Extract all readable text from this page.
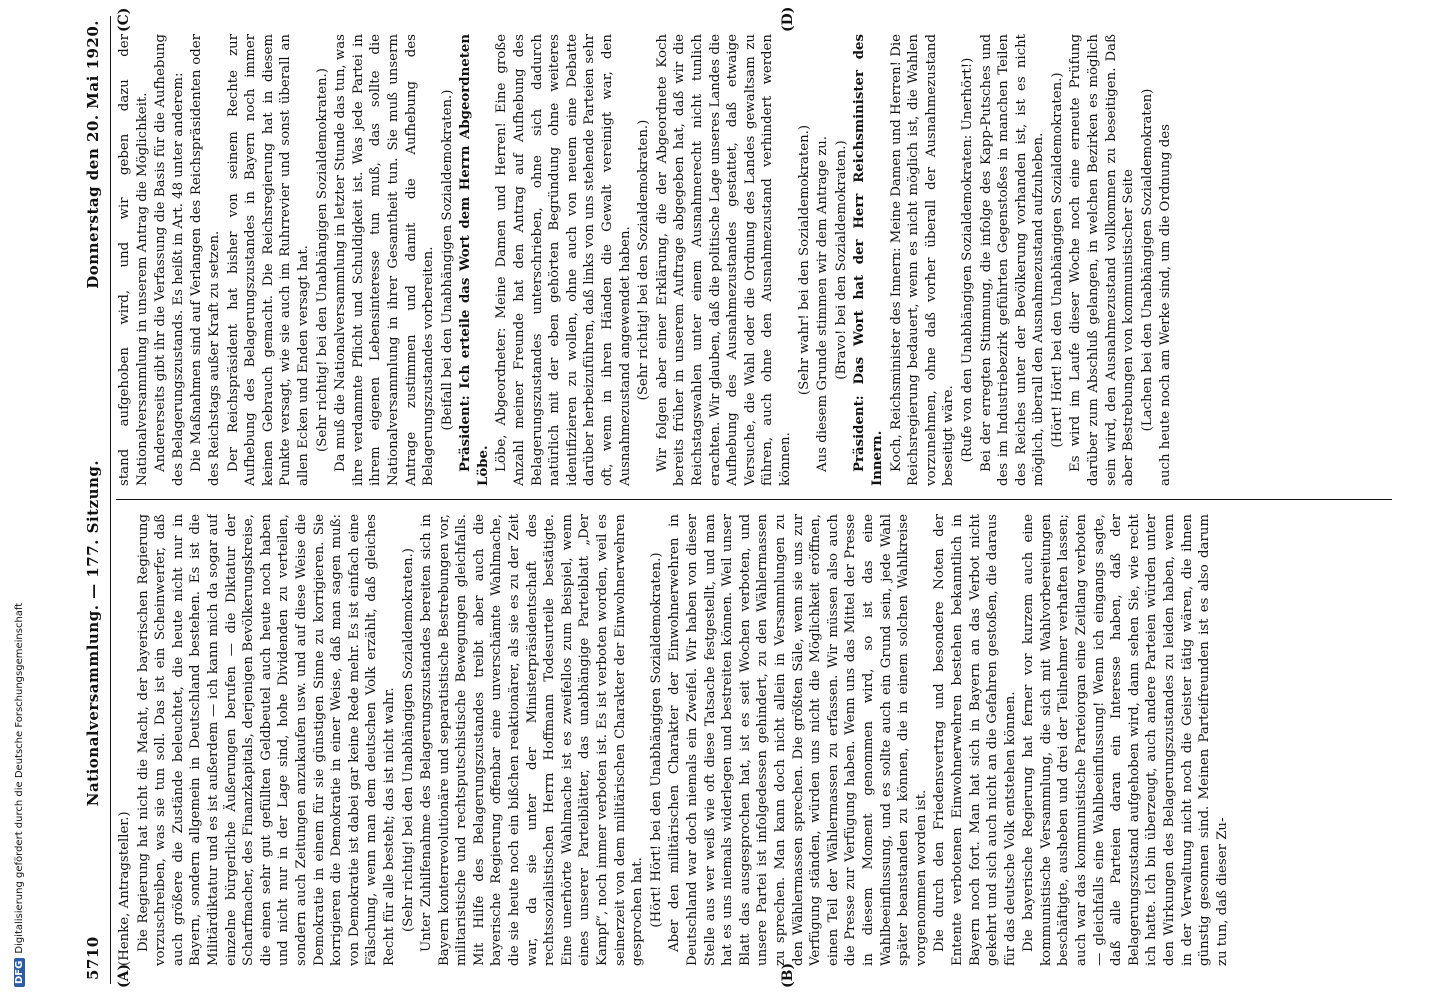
5710
Nationalversammlung. — 177. Sitzung.
Donnerstag den 20. Mai 1920.
(A)	(B)
(C)	(D)

(Henke, Antragsteller.) Die Regierung hat nicht die Macht, der bayerischen Regierung vorzuschreiben, was sie tun soll. Das ist ein Scheinwerfer, daß auch größere die Zustände beleuchtet, die heute nicht nur in Bayern, sondern allgemein in Deutschland bestehen. Es ist die Militärdiktatur und es ist außerdem — ich kann mich da sogar auf einzelne bürgerliche Äußerungen berufen — die Diktatur der Scharfmacher, des Finanzkapitals, derjenigen Bevölkerungskreise, die einen sehr gut gefüllten Geldbeutel auch heute noch haben und nicht nur in der Lage sind, hohe Dividenden zu verteilen, sondern auch Zeitungen anzukaufen usw. und auf diese Weise die Demokratie in einem für sie günstigen Sinne zu korrigieren. Sie korrigieren die Demokratie in einer Weise, daß man sagen muß: von Demokratie ist dabei gar keine Rede mehr. Es ist einfach eine Fälschung, wenn man dem deutschen Volk erzählt, daß gleiches Recht für alle besteht; das ist nicht wahr. (Sehr richtig! bei den Unabhängigen Sozialdemokraten.) Unter Zuhilfenahme des Belagerungszustandes bereiten sich in Bayern konterrevolutionäre und separatistische Bestrebungen vor, militaristische und rechtsputschistische Bewegungen gleichfalls. Mit Hilfe des Belagerungszustandes treibt aber auch die bayerische Regierung offenbar eine unverschämte Wahlmache, die sie heute noch ein bißchen reaktionärer, als sie es zu der Zeit war, da sie unter der Ministerpräsidentschaft des rechtssozialistischen Herrn Hoffmann Todesurteile bestätigte. Eine unerhörte Wahlmache ist es zweifellos zum Beispiel, wenn eines unserer Parteiblätter, das unabhängige Parteiblatt „Der Kampf“, noch immer verboten ist. Es ist verboten worden, weil es seinerzeit von dem militärischen Charakter der Einwohnerwehren gesprochen hat. (Hört! Hört! bei den Unabhängigen Sozialdemokraten.) Aber den militärischen Charakter der Einwohnerwehren in Deutschland war doch niemals ein Zweifel. Wir haben von dieser Stelle aus wer weiß wie oft diese Tatsache festgestellt, und man hat es uns niemals widerlegen und bestreiten können. Weil unser Blatt das ausgesprochen hat, ist es seit Wochen verboten, und unsere Partei ist infolgedessen gehindert, zu den Wählermassen zu sprechen. Man kann doch nicht allein in Versammlungen zu den Wählermassen sprechen. Die größten Säle, wenn sie uns zur Verfügung ständen, würden uns nicht die Möglichkeit eröffnen, einen Teil der Wählermassen zu erfassen. Wir müssen also auch die Presse zur Verfügung haben. Wenn uns das Mittel der Presse in diesem Moment genommen wird, so ist das eine Wahlbeeinflussung, und es sollte auch ein Grund sein, jede Wahl später beanstanden zu können, die in einem solchen Wahlkreise vorgenommen worden ist. Die durch den Friedensvertrag und besondere Noten der Entente verbotenen Einwohnerwehren bestehen bekanntlich in Bayern noch fort. Man hat sich in Bayern an das Verbot nicht gekehrt und sich auch nicht an die Gefahren gestoßen, die daraus für das deutsche Volk entstehen können. Die bayerische Regierung hat ferner vor kurzem auch eine kommunistische Versammlung, die sich mit Wahlvorbereitungen beschäftigte, ausheben und drei der Teilnehmer verhaften lassen; auch war das kommunistische Parteiorgan eine Zeitlang verboten — gleichfalls eine Wahlbeeinflussung! Wenn ich eingangs sagte, daß alle Parteien daran ein Interesse haben, daß der Belagerungszustand aufgehoben wird, dann sehen Sie, wie recht ich hatte. Ich bin überzeugt, auch andere Parteien würden unter den Wirkungen des Belagerungszustandes zu leiden haben, wenn in der Verwaltung nicht noch die Geister tätig wären, die ihnen günstig gesonnen sind. Meinen Parteifreunden ist es also darum zu tun, daß dieser Zu-

stand aufgehoben wird, und wir geben dazu der Nationalversammlung in unserem Antrag die Möglichkeit. Andererseits gibt ihr die Verfassung die Basis für die Aufhebung des Belagerungszustands. Es heißt in Art. 48 unter anderem: Die Maßnahmen sind auf Verlangen des Reichspräsidenten oder des Reichstags außer Kraft zu setzen. Der Reichspräsident hat bisher von seinem Rechte zur Aufhebung des Belagerungszustandes in Bayern noch immer keinen Gebrauch gemacht. Die Reichsregierung hat in diesem Punkte versagt, wie sie auch im Ruhrrevier und sonst überall an allen Ecken und Enden versagt hat. (Sehr richtig! bei den Unabhängigen Sozialdemokraten.) Da muß die Nationalversammlung in letzter Stunde das tun, was ihre verdammte Pflicht und Schuldigkeit ist. Was jede Partei in ihrem eigenen Lebensinteresse tun muß, das sollte die Nationalversammlung in ihrer Gesamtheit tun. Sie muß unserm Antrage zustimmen und damit die Aufhebung des Belagerungszustandes vorbereiten. (Beifall bei den Unabhängigen Sozialdemokraten.) Präsident: Ich erteile das Wort dem Herrn Abgeordneten Löbe. Löbe, Abgeordneter: Meine Damen und Herren! Eine große Anzahl meiner Freunde hat den Antrag auf Aufhebung des Belagerungszustandes unterschrieben, ohne sich dadurch natürlich mit der eben gehörten Begründung ohne weiteres identifizieren zu wollen, ohne auch von neuem eine Debatte darüber herbeizuführen, daß links von uns stehende Parteien sehr oft, wenn in ihren Händen die Gewalt vereinigt war, den Ausnahmezustand angewendet haben. (Sehr richtig! bei den Sozialdemokraten.) Wir folgen aber einer Erklärung, die der Abgeordnete Koch bereits früher in unserem Auftrage abgegeben hat, daß wir die Reichstagswahlen unter einem Ausnahmerecht nicht tunlich erachten. Wir glauben, daß die politische Lage unseres Landes die Aufhebung des Ausnahmezustandes gestattet, daß etwaige Versuche, die Wahl oder die Ordnung des Landes gewaltsam zu führen, auch ohne den Ausnahmezustand verhindert werden können.

(Sehr wahr! bei den Sozialdemokraten.) Aus diesem Grunde stimmen wir dem Antrage zu. (Bravo! bei den Sozialdemokraten.) Präsident: Das Wort hat der Herr Reichsminister des Innern. Koch, Reichsminister des Innern: Meine Damen und Herren! Die Reichsregierung bedauert, wenn es nicht möglich ist, die Wahlen vorzunehmen, ohne daß vorher überall der Ausnahmezustand beseitigt wäre. (Rufe von den Unabhängigen Sozialdemokraten: Unerhört!) Bei der erregten Stimmung, die infolge des Kapp-Putsches und des im Industriebezirk geführten Gegenstoßes in manchen Teilen des Reiches unter der Bevölkerung vorhanden ist, ist es nicht möglich, überall den Ausnahmezustand aufzuheben. (Hört! Hört! bei den Unabhängigen Sozialdemokraten.) Es wird im Laufe dieser Woche noch eine erneute Prüfung darüber zum Abschluß gelangen, in welchen Bezirken es möglich sein wird, den Ausnahmezustand vollkommen zu beseitigen. Daß aber Bestrebungen von kommunistischer Seite (Lachen bei den Unabhängigen Sozialdemokraten) auch heute noch am Werke sind, um die Ordnung des

DFGDigitalisierung gefördert durch die Deutsche Forschungsgemeinschaft
